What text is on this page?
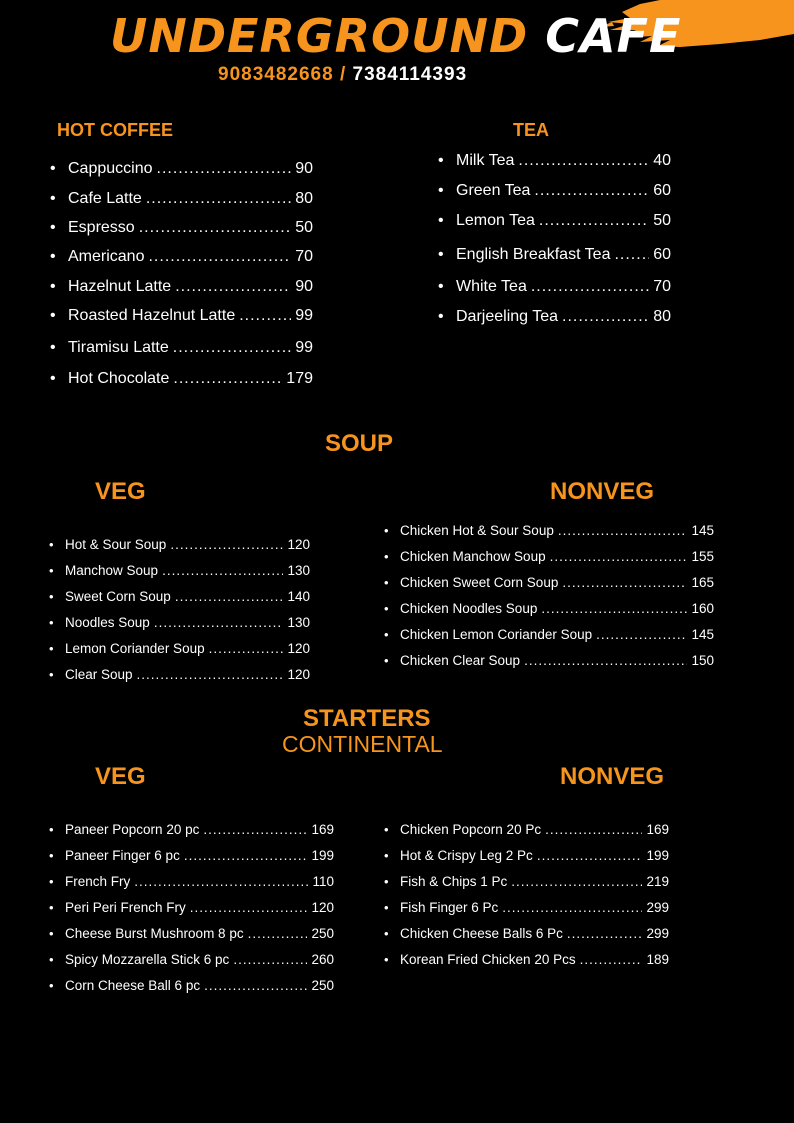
UNDERGROUND CAFE
9083482668 / 7384114393
HOT COFFEE	TEA
SOUP
VEG	NONVEG
STARTERS
CONTINENTAL
VEG	NONVEG
• Cappuccino .....	90
• Cafe Latte .....	80
• Espresso .....	50
• Americano .....	70
• Hazelnut Latte .....	90
• Roasted Hazelnut Latte .....	99
• Tiramisu Latte .....	99
• Hot Chocolate .....	179
• Milk Tea .....	40
• Green Tea .....	60
• Lemon Tea .....	50
• English Breakfast Tea .....	60
• White Tea .....	70
• Darjeeling Tea .....	80
• Hot & Sour Soup .....	120
• Manchow Soup .....	130
• Sweet Corn Soup .....	140
• Noodles Soup .....	130
• Lemon Coriander Soup .....	120
• Clear Soup .....	120
• Chicken Hot & Sour Soup .....	145
• Chicken Manchow Soup .....	155
• Chicken Sweet Corn Soup .....	165
• Chicken Noodles Soup .....	160
• Chicken Lemon Coriander Soup .....	145
• Chicken Clear Soup .....	150
• Paneer Popcorn 20 pc .....	169
• Paneer Finger 6 pc .....	199
• French Fry .....	110
• Peri Peri French Fry .....	120
• Cheese Burst Mushroom 8 pc .....	250
• Spicy Mozzarella Stick 6 pc .....	260
• Corn Cheese Ball 6 pc .....	250
• Chicken Popcorn 20 Pc .....	169
• Hot & Crispy Leg 2 Pc .....	199
• Fish & Chips 1 Pc .....	219
• Fish Finger 6 Pc .....	299
• Chicken Cheese Balls 6 Pc .....	299
• Korean Fried Chicken 20 Pcs .....	189
